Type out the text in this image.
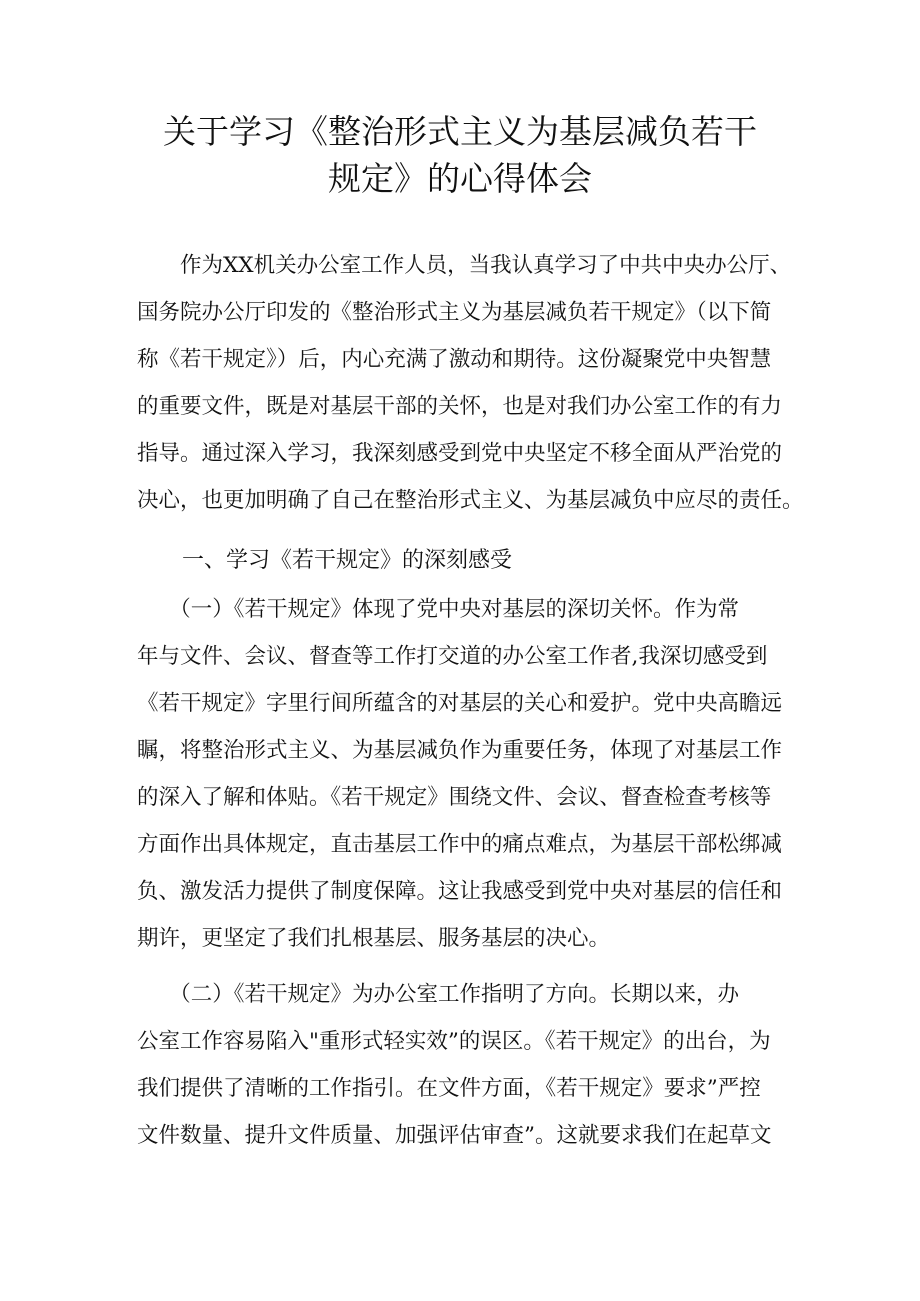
关于学习《整治形式主义为基层减负若干
规定》的心得体会
　　作为XX机关办公室工作人员，当我认真学习了中共中央办公厅、
国务院办公厅印发的《整治形式主义为基层减负若干规定》（以下简
称《若干规定》）后，内心充满了激动和期待。这份凝聚党中央智慧
的重要文件，既是对基层干部的关怀，也是对我们办公室工作的有力
指导。通过深入学习，我深刻感受到党中央坚定不移全面从严治党的
决心，也更加明确了自己在整治形式主义、为基层减负中应尽的责任。
一、学习《若干规定》的深刻感受
　　（一）《若干规定》体现了党中央对基层的深切关怀。作为常
年与文件、会议、督查等工作打交道的办公室工作者,我深切感受到
《若干规定》字里行间所蕴含的对基层的关心和爱护。党中央高瞻远
瞩，将整治形式主义、为基层减负作为重要任务，体现了对基层工作
的深入了解和体贴。《若干规定》围绕文件、会议、督查检查考核等
方面作出具体规定，直击基层工作中的痛点难点，为基层干部松绑减
负、激发活力提供了制度保障。这让我感受到党中央对基层的信任和
期许，更坚定了我们扎根基层、服务基层的决心。
　　（二）《若干规定》为办公室工作指明了方向。长期以来，办
公室工作容易陷入"重形式轻实效”的误区。《若干规定》的出台，为
我们提供了清晰的工作指引。在文件方面，《若干规定》要求”严控
文件数量、提升文件质量、加强评估审查”。这就要求我们在起草文
